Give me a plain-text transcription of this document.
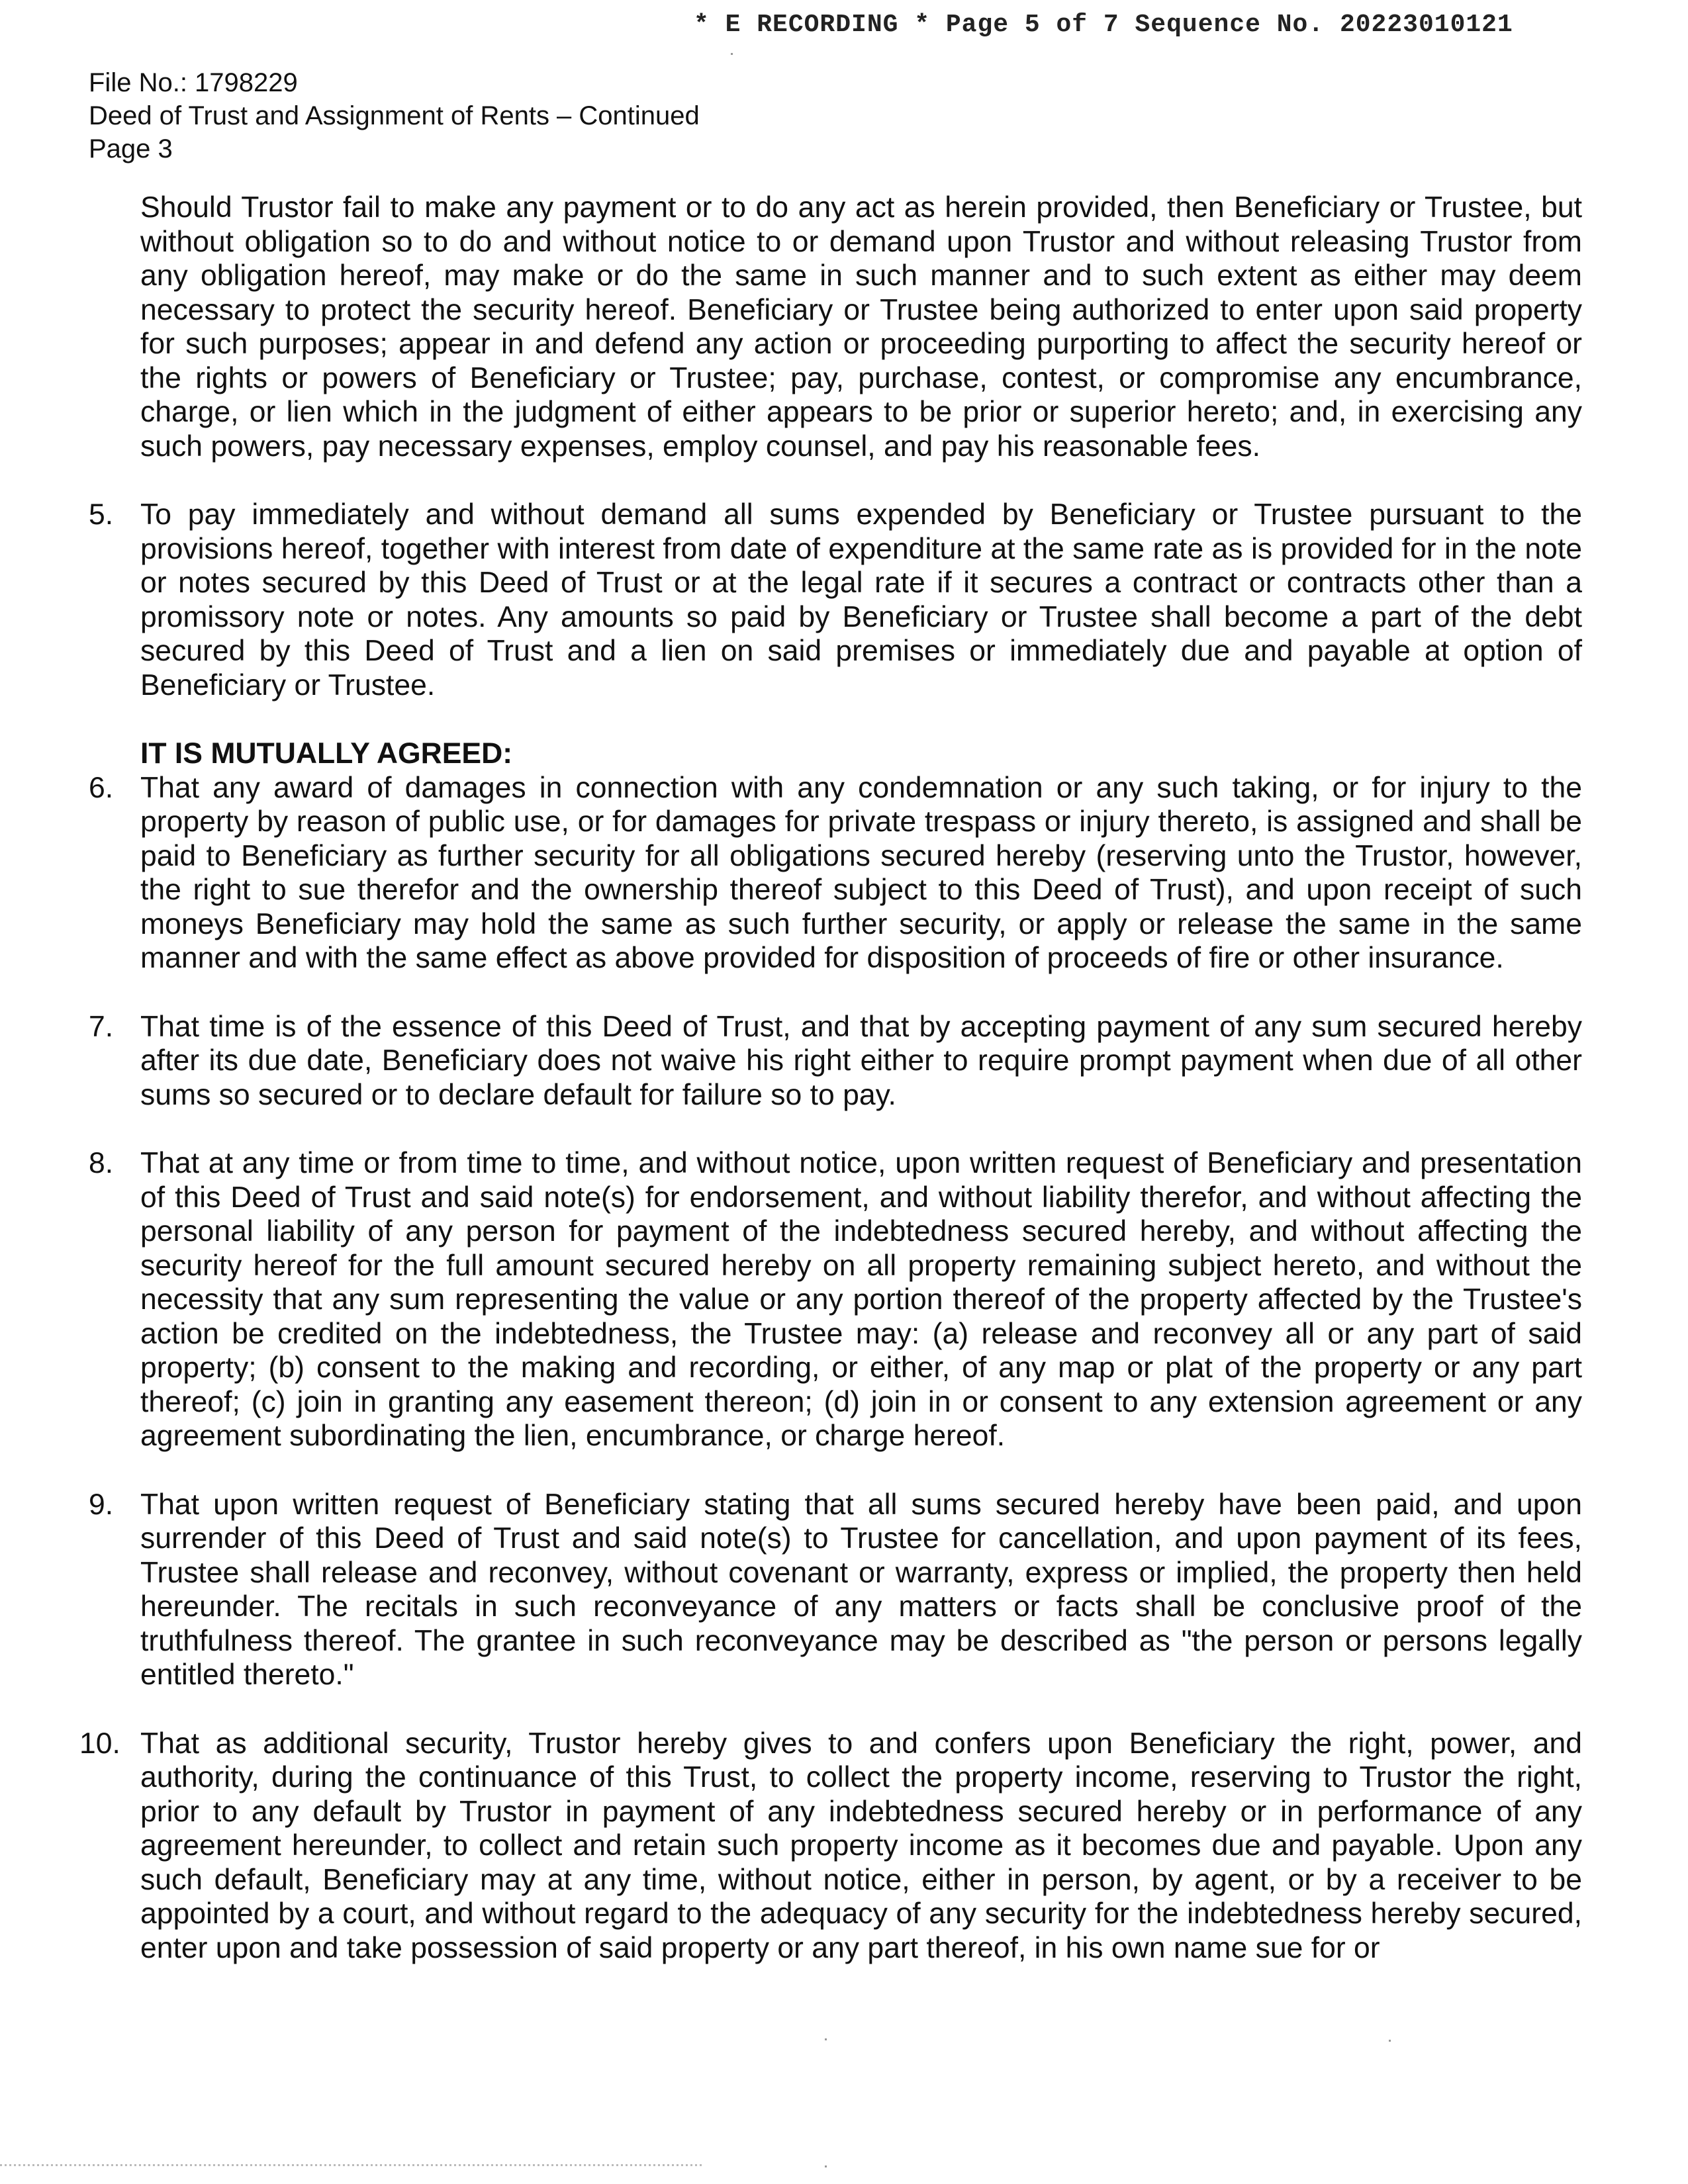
* E RECORDING * Page 5 of 7 Sequence No. 20223010121
File No.: 1798229
Deed of Trust and Assignment of Rents – Continued
Page 3

Should Trustor fail to make any payment or to do any act as herein provided, then Beneficiary or Trustee, but without obligation so to do and without notice to or demand upon Trustor and without releasing Trustor from any obligation hereof, may make or do the same in such manner and to such extent as either may deem necessary to protect the security hereof. Beneficiary or Trustee being authorized to enter upon said property for such purposes; appear in and defend any action or proceeding purporting to affect the security hereof or the rights or powers of Beneficiary or Trustee; pay, purchase, contest, or compromise any encumbrance, charge, or lien which in the judgment of either appears to be prior or superior hereto; and, in exercising any such powers, pay necessary expenses, employ counsel, and pay his reasonable fees.

5. To pay immediately and without demand all sums expended by Beneficiary or Trustee pursuant to the provisions hereof, together with interest from date of expenditure at the same rate as is provided for in the note or notes secured by this Deed of Trust or at the legal rate if it secures a contract or contracts other than a promissory note or notes. Any amounts so paid by Beneficiary or Trustee shall become a part of the debt secured by this Deed of Trust and a lien on said premises or immediately due and payable at option of Beneficiary or Trustee.

IT IS MUTUALLY AGREED:

6. That any award of damages in connection with any condemnation or any such taking, or for injury to the property by reason of public use, or for damages for private trespass or injury thereto, is assigned and shall be paid to Beneficiary as further security for all obligations secured hereby (reserving unto the Trustor, however, the right to sue therefor and the ownership thereof subject to this Deed of Trust), and upon receipt of such moneys Beneficiary may hold the same as such further security, or apply or release the same in the same manner and with the same effect as above provided for disposition of proceeds of fire or other insurance.

7. That time is of the essence of this Deed of Trust, and that by accepting payment of any sum secured hereby after its due date, Beneficiary does not waive his right either to require prompt payment when due of all other sums so secured or to declare default for failure so to pay.

8. That at any time or from time to time, and without notice, upon written request of Beneficiary and presentation of this Deed of Trust and said note(s) for endorsement, and without liability therefor, and without affecting the personal liability of any person for payment of the indebtedness secured hereby, and without affecting the security hereof for the full amount secured hereby on all property remaining subject hereto, and without the necessity that any sum representing the value or any portion thereof of the property affected by the Trustee's action be credited on the indebtedness, the Trustee may: (a) release and reconvey all or any part of said property; (b) consent to the making and recording, or either, of any map or plat of the property or any part thereof; (c) join in granting any easement thereon; (d) join in or consent to any extension agreement or any agreement subordinating the lien, encumbrance, or charge hereof.

9. That upon written request of Beneficiary stating that all sums secured hereby have been paid, and upon surrender of this Deed of Trust and said note(s) to Trustee for cancellation, and upon payment of its fees, Trustee shall release and reconvey, without covenant or warranty, express or implied, the property then held hereunder. The recitals in such reconveyance of any matters or facts shall be conclusive proof of the truthfulness thereof. The grantee in such reconveyance may be described as "the person or persons legally entitled thereto."

10. That as additional security, Trustor hereby gives to and confers upon Beneficiary the right, power, and authority, during the continuance of this Trust, to collect the property income, reserving to Trustor the right, prior to any default by Trustor in payment of any indebtedness secured hereby or in performance of any agreement hereunder, to collect and retain such property income as it becomes due and payable. Upon any such default, Beneficiary may at any time, without notice, either in person, by agent, or by a receiver to be appointed by a court, and without regard to the adequacy of any security for the indebtedness hereby secured, enter upon and take possession of said property or any part thereof, in his own name sue for or
